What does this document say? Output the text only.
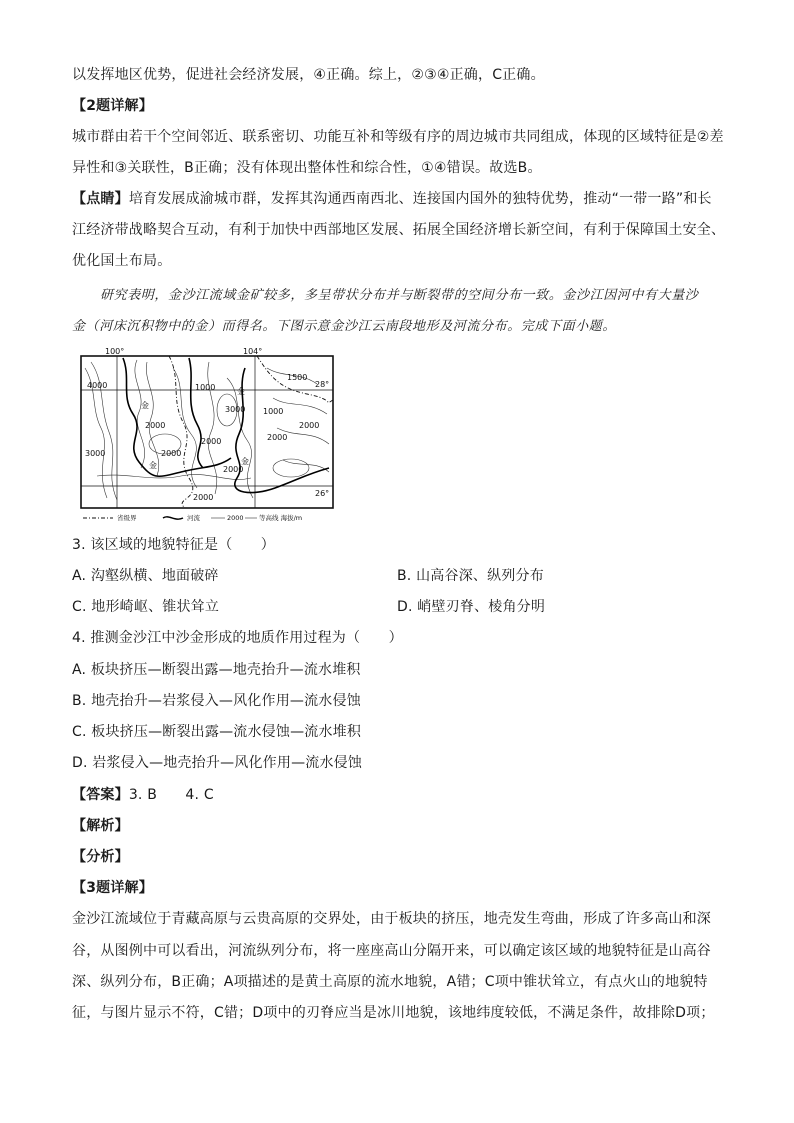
以发挥地区优势，促进社会经济发展，④正确。综上，②③④正确，C正确。
【2题详解】
城市群由若干个空间邻近、联系密切、功能互补和等级有序的周边城市共同组成，体现的区域特征是②差
异性和③关联性，B正确；没有体现出整体性和综合性，①④错误。故选B。
【点睛】培育发展成渝城市群，发挥其沟通西南西北、连接国内国外的独特优势，推动“一带一路”和长
江经济带战略契合互动，有利于加快中西部地区发展、拓展全国经济增长新空间，有利于保障国土安全、
优化国土布局。
研究表明，金沙江流域金矿较多，多呈带状分布并与断裂带的空间分布一致。金沙江因河中有大量沙
金（河床沉积物中的金）而得名。下图示意金沙江云南段地形及河流分布。完成下面小题。
100°	104°
28°
26°
4000
3000
2000
2000
2000
2000
2000
1000
3000
1500
1000
2000
2000
金
金
金	金
省级界	河流	2000 等高线 海拔/m
3. 该区域的地貌特征是（　　）
A. 沟壑纵横、地面破碎	B. 山高谷深、纵列分布
C. 地形崎岖、锥状耸立	D. 峭壁刃脊、棱角分明
4. 推测金沙江中沙金形成的地质作用过程为（　　）
A. 板块挤压—断裂出露—地壳抬升—流水堆积
B. 地壳抬升—岩浆侵入—风化作用—流水侵蚀
C. 板块挤压—断裂出露—流水侵蚀—流水堆积
D. 岩浆侵入—地壳抬升—风化作用—流水侵蚀
【答案】3. B　　4. C
【解析】
【分析】
【3题详解】
金沙江流域位于青藏高原与云贵高原的交界处，由于板块的挤压，地壳发生弯曲，形成了许多高山和深
谷，从图例中可以看出，河流纵列分布，将一座座高山分隔开来，可以确定该区域的地貌特征是山高谷
深、纵列分布，B正确；A项描述的是黄土高原的流水地貌，A错；C项中锥状耸立，有点火山的地貌特
征，与图片显示不符，C错；D项中的刃脊应当是冰川地貌，该地纬度较低，不满足条件，故排除D项；
